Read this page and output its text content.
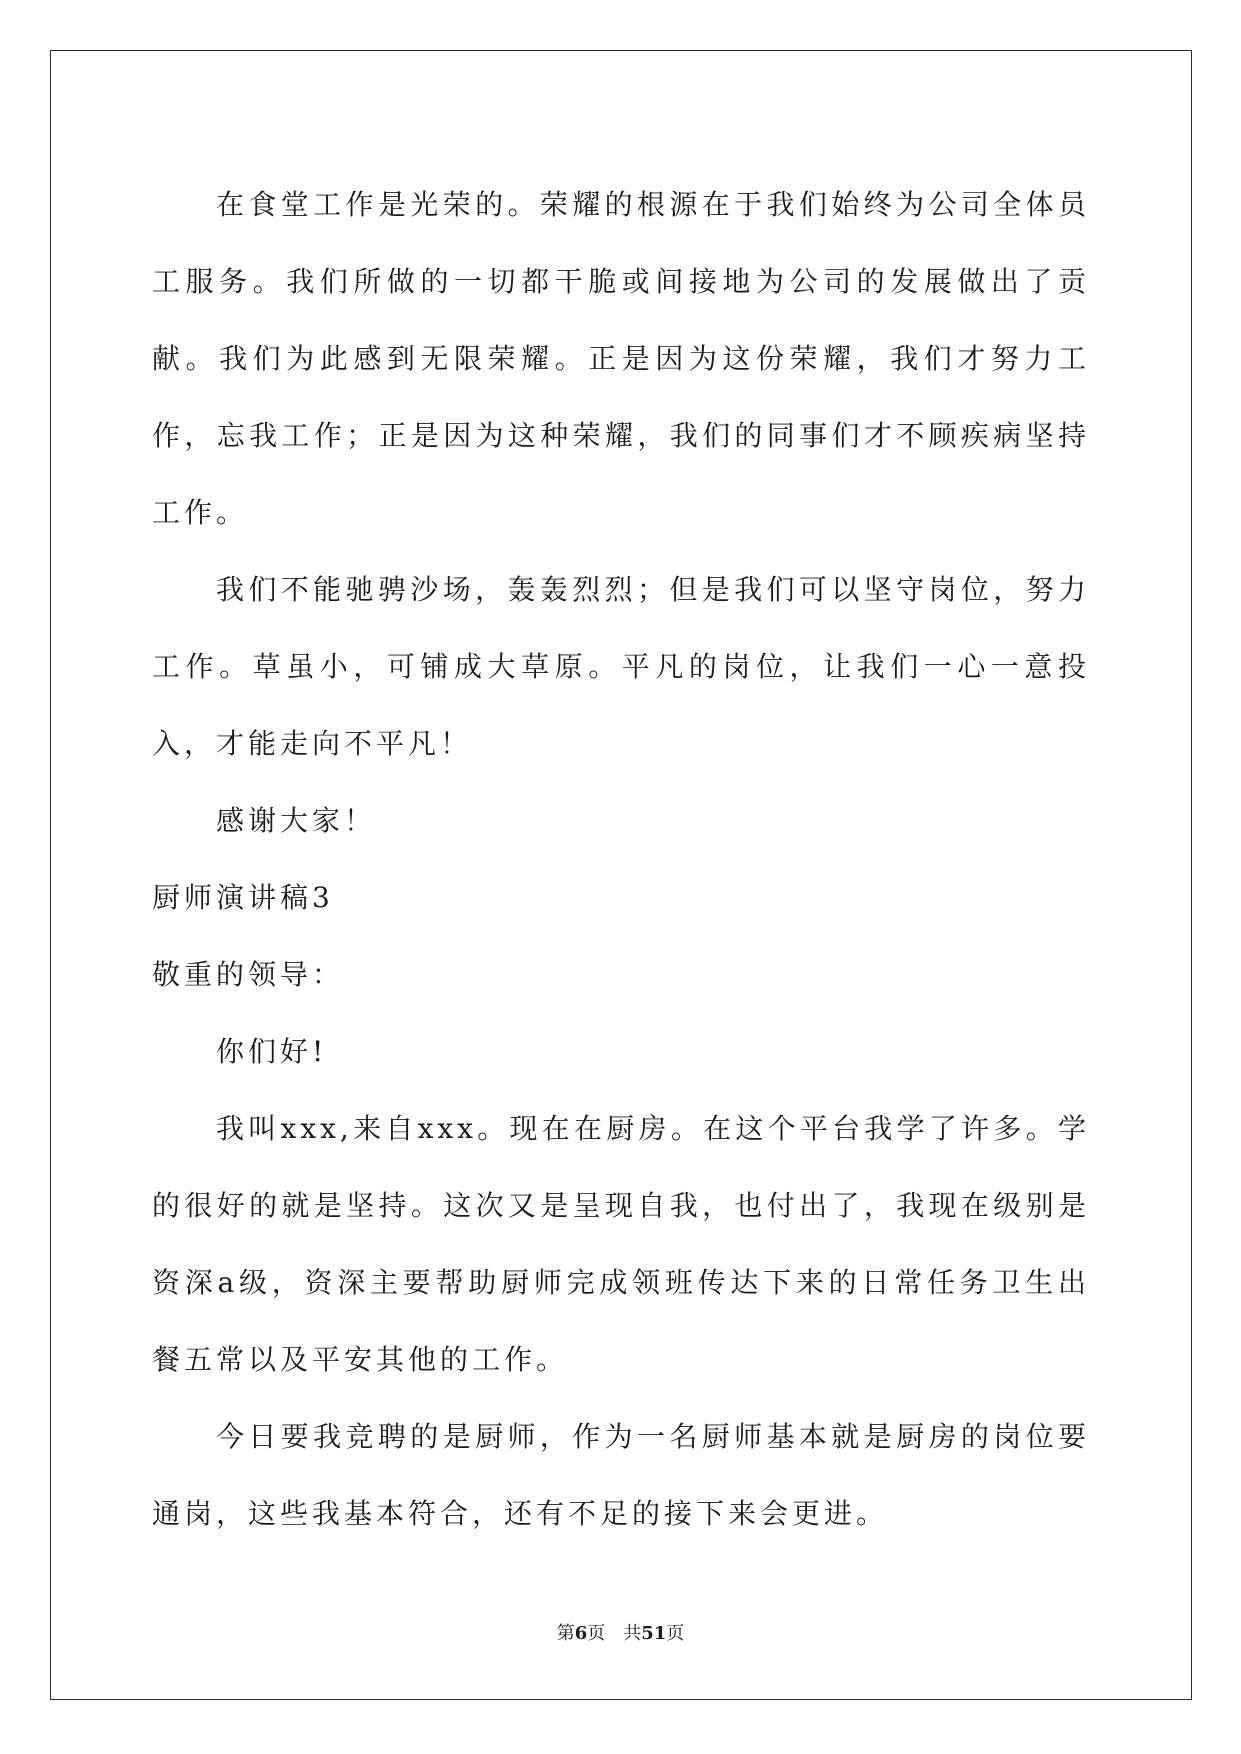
在食堂工作是光荣的。荣耀的根源在于我们始终为公司全体员工服务。我们所做的一切都干脆或间接地为公司的发展做出了贡献。我们为此感到无限荣耀。正是因为这份荣耀，我们才努力工作，忘我工作；正是因为这种荣耀，我们的同事们才不顾疾病坚持工作。

我们不能驰骋沙场，轰轰烈烈；但是我们可以坚守岗位，努力工作。草虽小，可铺成大草原。平凡的岗位，让我们一心一意投入，才能走向不平凡！

感谢大家！

厨师演讲稿3

敬重的领导：

你们好!

我叫xxx,来自xxx。现在在厨房。在这个平台我学了许多。学的很好的就是坚持。这次又是呈现自我，也付出了，我现在级别是资深a级，资深主要帮助厨师完成领班传达下来的日常任务卫生出餐五常以及平安其他的工作。

今日要我竞聘的是厨师，作为一名厨师基本就是厨房的岗位要通岗，这些我基本符合，还有不足的接下来会更进。

第6页 共51页
